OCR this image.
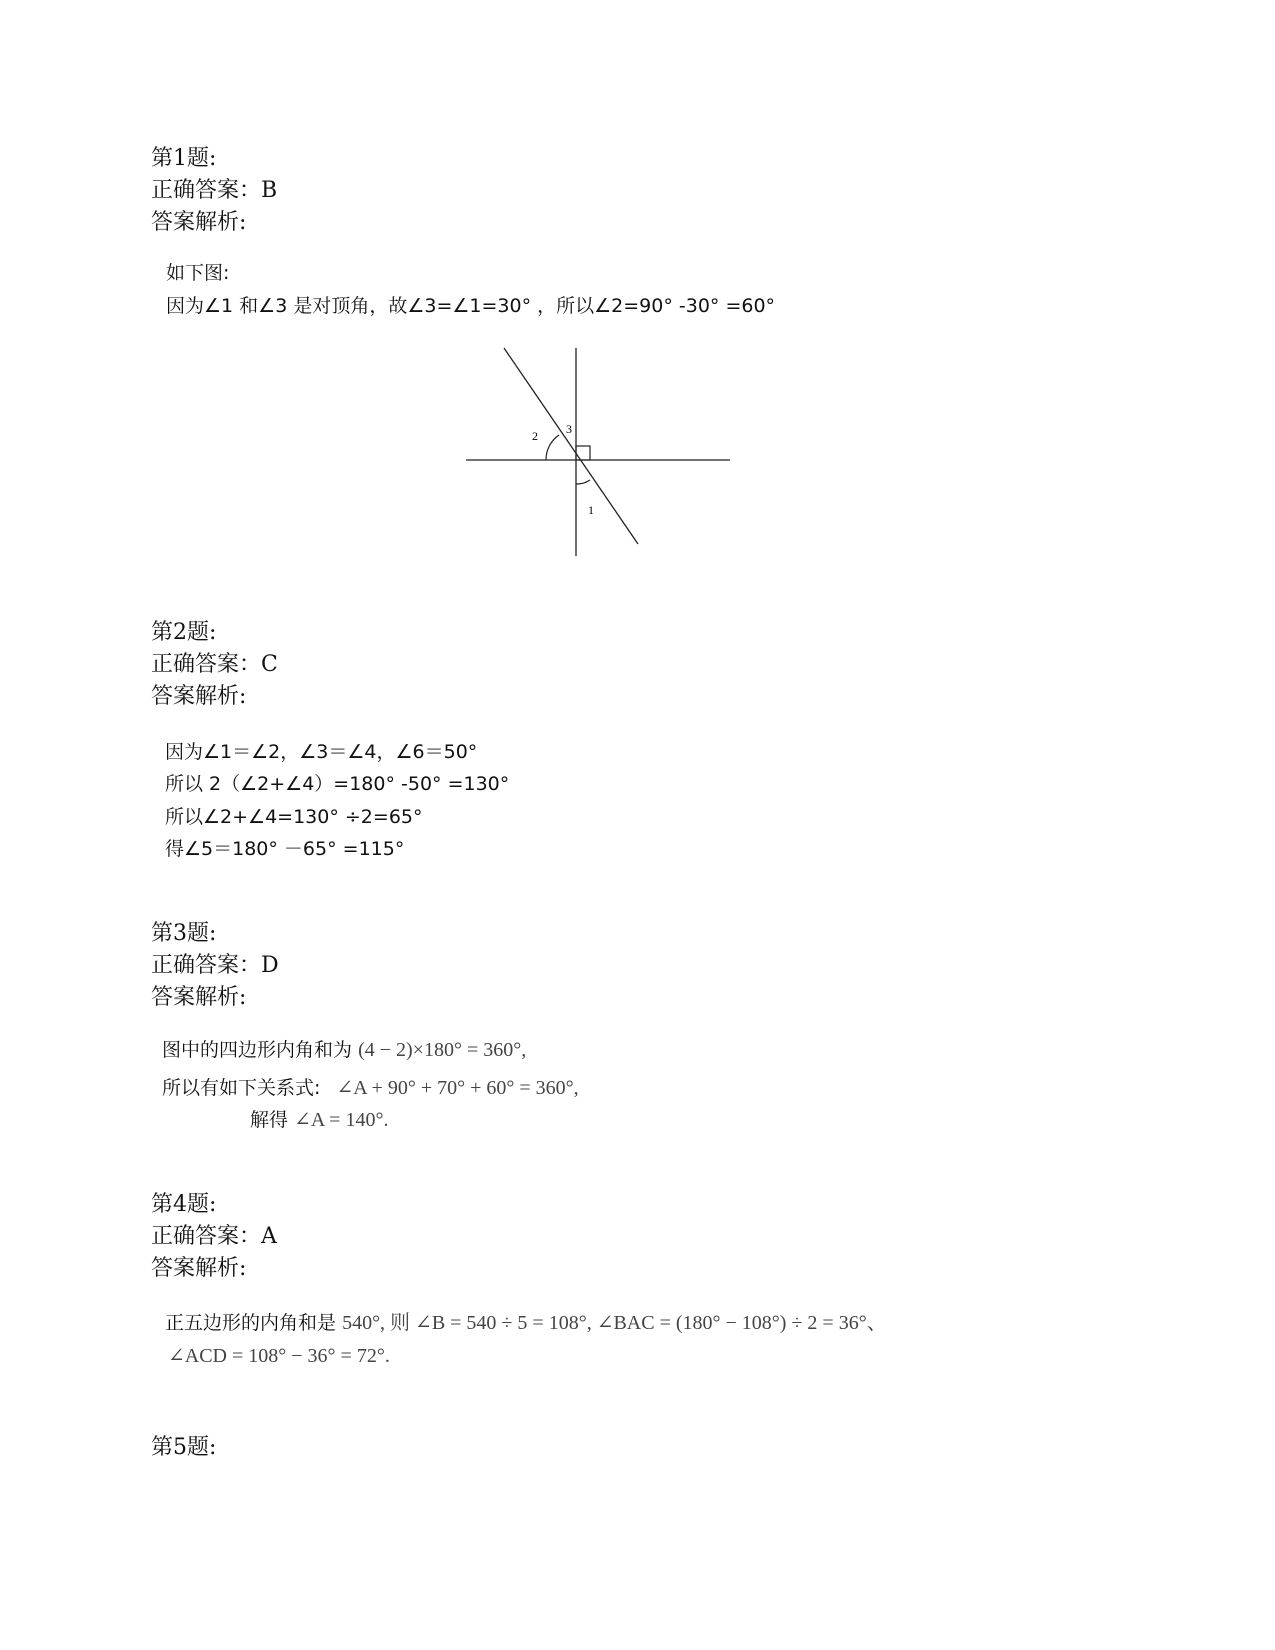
第1题:
正确答案：B
答案解析:
如下图:
因为∠1 和∠3 是对顶角，故∠3=∠1=30° ，所以∠2=90° -30° =60°
2 3
1
第2题:
正确答案：C
答案解析:
因为∠1＝∠2，∠3＝∠4，∠6＝50°
所以 2（∠2+∠4）=180° -50° =130°
所以∠2+∠4=130° ÷2=65°
得∠5＝180° －65° =115°
第3题:
正确答案：D
答案解析:
图中的四边形内角和为 (4 − 2)×180° = 360°,
所以有如下关系式: ∠A + 90° + 70° + 60° = 360°,
解得 ∠A = 140°.
第4题:
正确答案：A
答案解析:
正五边形的内角和是 540°, 则 ∠B = 540 ÷ 5 = 108°, ∠BAC = (180° − 108°) ÷ 2 = 36°、
∠ACD = 108° − 36° = 72°.
第5题:
